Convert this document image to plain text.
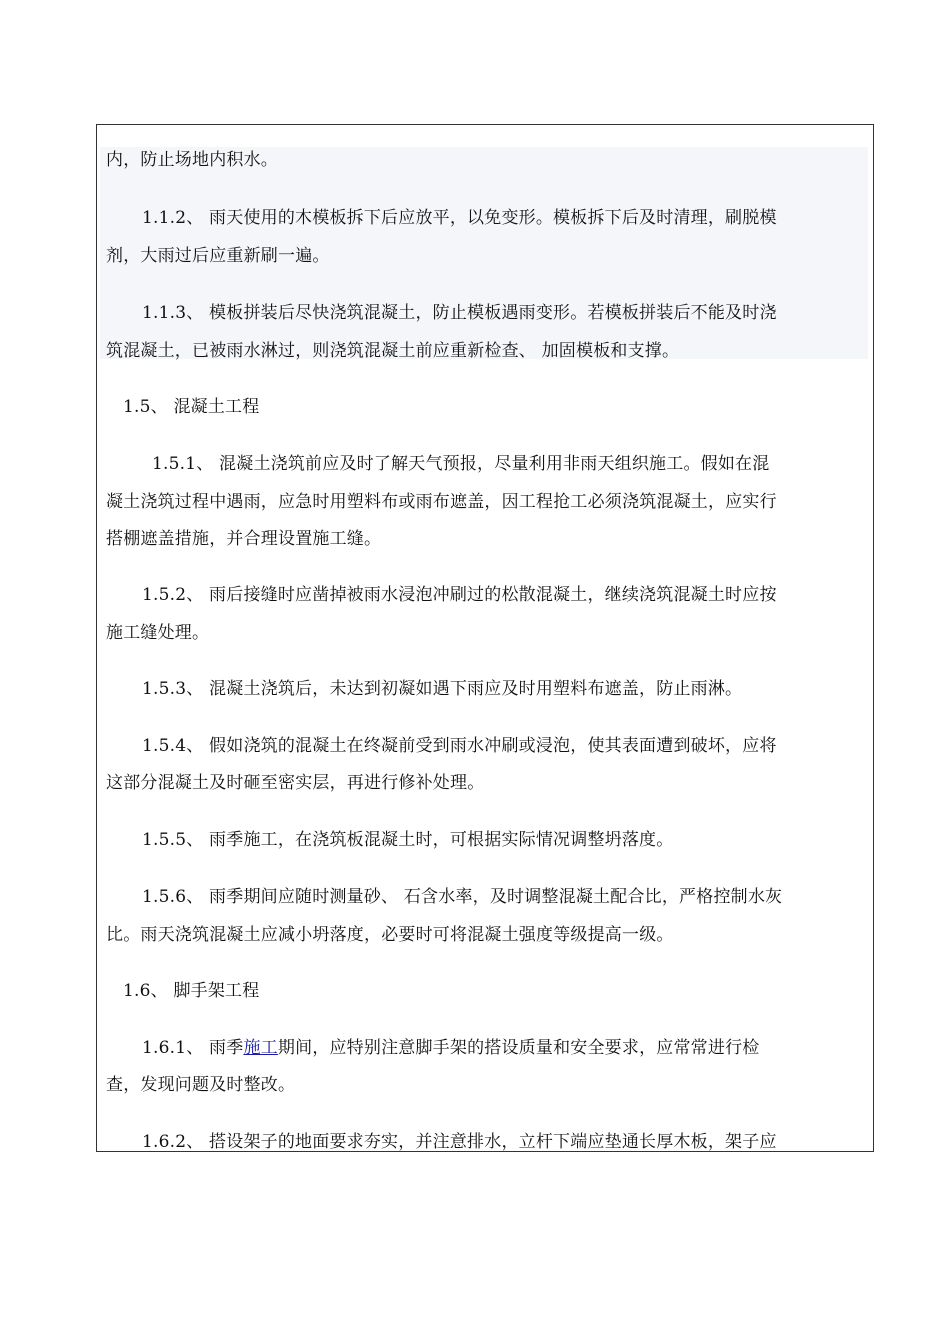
内，防止场地内积水。
1.1.2、 雨天使用的木模板拆下后应放平，以免变形。模板拆下后及时清理，刷脱模
剂，大雨过后应重新刷一遍。
1.1.3、 模板拼装后尽快浇筑混凝土，防止模板遇雨变形。若模板拼装后不能及时浇
筑混凝土，已被雨水淋过，则浇筑混凝土前应重新检查、 加固模板和支撑。
1.5、 混凝土工程
1.5.1、 混凝土浇筑前应及时了解天气预报，尽量利用非雨天组织施工。假如在混
凝土浇筑过程中遇雨，应急时用塑料布或雨布遮盖，因工程抢工必须浇筑混凝土，应实行
搭棚遮盖措施，并合理设置施工缝。
1.5.2、 雨后接缝时应凿掉被雨水浸泡冲刷过的松散混凝土，继续浇筑混凝土时应按
施工缝处理。
1.5.3、 混凝土浇筑后，未达到初凝如遇下雨应及时用塑料布遮盖，防止雨淋。
1.5.4、 假如浇筑的混凝土在终凝前受到雨水冲刷或浸泡，使其表面遭到破坏，应将
这部分混凝土及时砸至密实层，再进行修补处理。
1.5.5、 雨季施工，在浇筑板混凝土时，可根据实际情况调整坍落度。
1.5.6、 雨季期间应随时测量砂、 石含水率，及时调整混凝土配合比，严格控制水灰
比。雨天浇筑混凝土应减小坍落度，必要时可将混凝土强度等级提高一级。
1.6、 脚手架工程
1.6.1、 雨季施工期间，应特别注意脚手架的搭设质量和安全要求，应常常进行检
查，发现问题及时整改。
1.6.2、 搭设架子的地面要求夯实，并注意排水，立杆下端应垫通长厚木板，架子应
